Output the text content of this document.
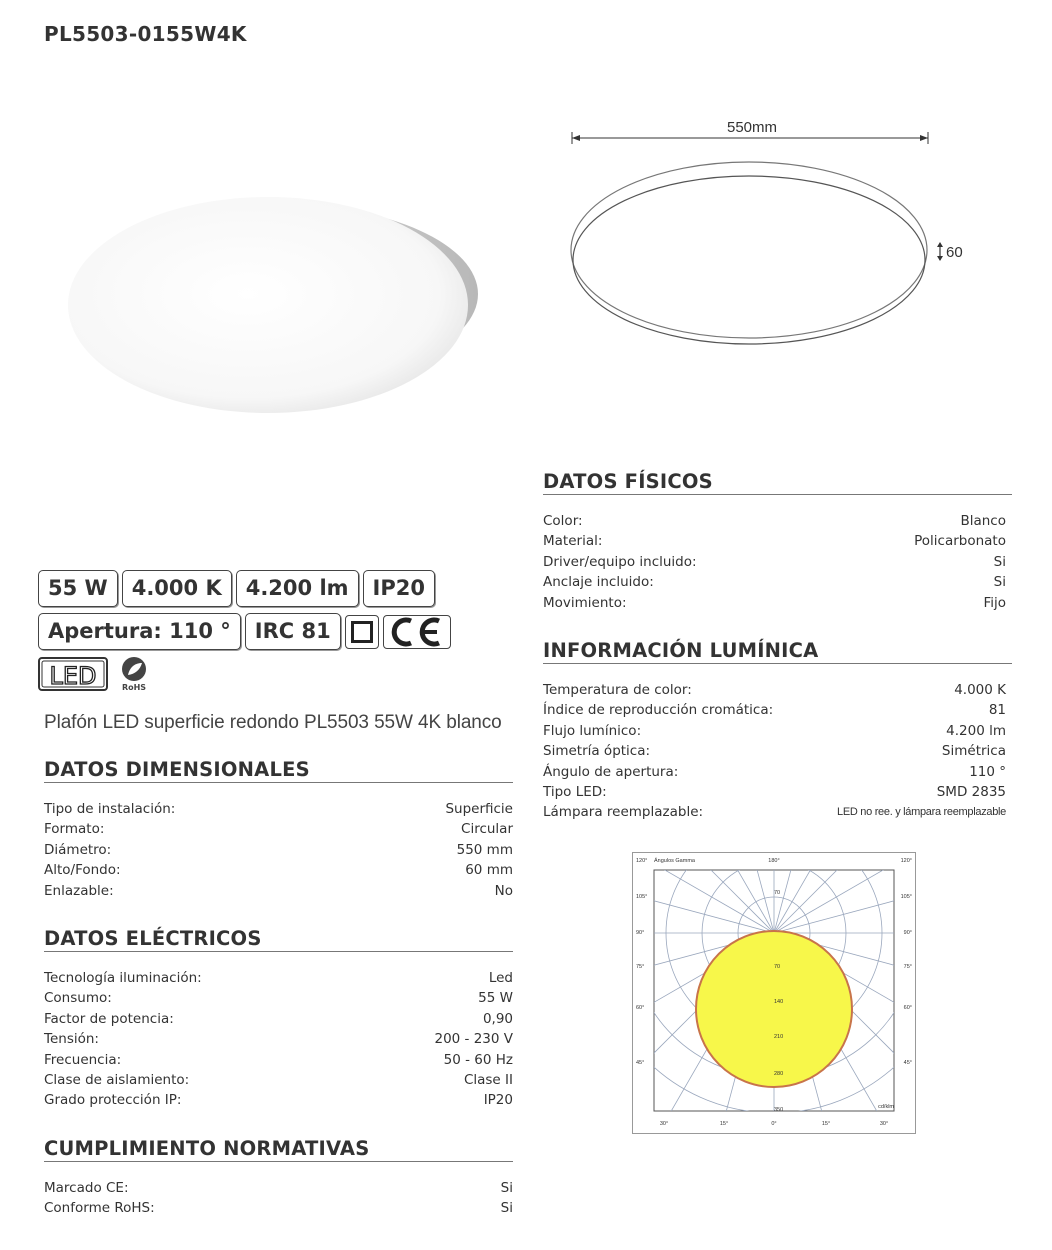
PL5503-0155W4K
550mm
60
55 W	4.000 K	4.200 lm	IP20
Apertura: 110 °	IRC 81
LED	RoHS
Plafón LED superficie redondo PL5503 55W 4K blanco
DATOS DIMENSIONALES
Tipo de instalación:	Superficie
Formato:	Circular
Diámetro:	550 mm
Alto/Fondo:	60 mm
Enlazable:	No
DATOS ELÉCTRICOS
Tecnología iluminación:	Led
Consumo:	55 W
Factor de potencia:	0,90
Tensión:	200 - 230 V
Frecuencia:	50 - 60 Hz
Clase de aislamiento:	Clase II
Grado protección IP:	IP20
CUMPLIMIENTO NORMATIVAS
Marcado CE:	Si
Conforme RoHS:	Si
DATOS FÍSICOS
Color:	Blanco
Material:	Policarbonato
Driver/equipo incluido:	Si
Anclaje incluido:	Si
Movimiento:	Fijo
INFORMACIÓN LUMÍNICA
Temperatura de color:	4.000 K
Índice de reproducción cromática:	81
Flujo lumínico:	4.200 lm
Simetría óptica:	Simétrica
Ángulo de apertura:	110 °
Tipo LED:	SMD 2835
Lámpara reemplazable:	LED no ree. y lámpara reemplazable
120° Ángulos Gamma	180°	120°
105°
90°
75°
60°
45°
105°
90°
75°
60°
45°
30°	15°	0°	15°	30°
70
70
140
210
280
350	cd/klm
